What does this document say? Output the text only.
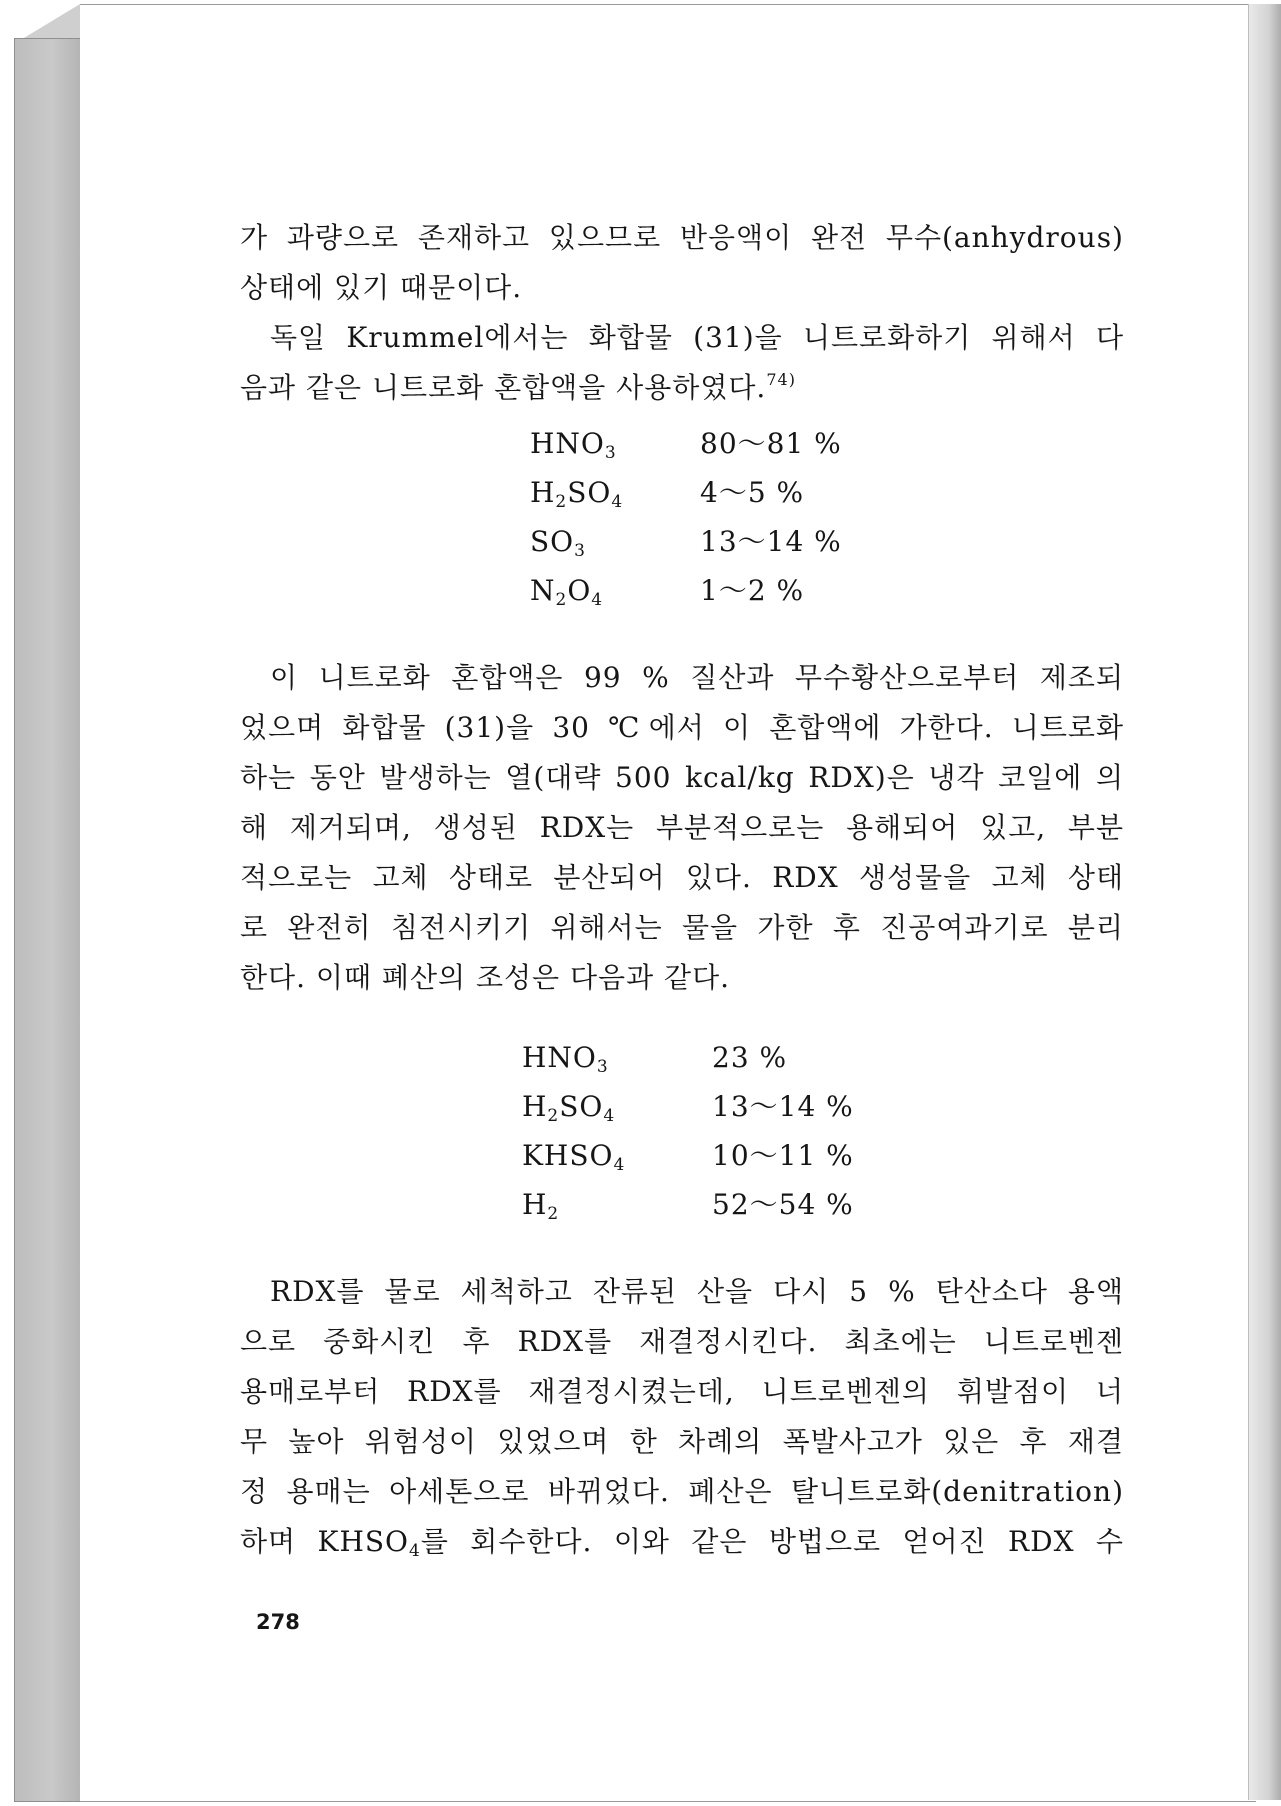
가 과량으로 존재하고 있으므로 반응액이 완전 무수(anhydrous)
상태에 있기 때문이다.
독일 Krummel에서는 화합물 (31)을 니트로화하기 위해서 다
음과 같은 니트로화 혼합액을 사용하였다.$^{74)}$
$HNO_3$	80～81 %
$H_2SO_4$	4～5 %
$SO_3$	13～14 %
$N_2O_4$	1～2 %
이 니트로화 혼합액은 99 % 질산과 무수황산으로부터 제조되
었으며 화합물 (31)을 30 ℃에서 이 혼합액에 가한다. 니트로화
하는 동안 발생하는 열(대략 500 kcal/kg RDX)은 냉각 코일에 의
해 제거되며, 생성된 RDX는 부분적으로는 용해되어 있고, 부분
적으로는 고체 상태로 분산되어 있다. RDX 생성물을 고체 상태
로 완전히 침전시키기 위해서는 물을 가한 후 진공여과기로 분리
한다. 이때 폐산의 조성은 다음과 같다.
$HNO_3$	23 %
$H_2SO_4$	13～14 %
$KHSO_4$	10～11 %
$H_2$	52～54 %
RDX를 물로 세척하고 잔류된 산을 다시 5 % 탄산소다 용액
으로 중화시킨 후 RDX를 재결정시킨다. 최초에는 니트로벤젠
용매로부터 RDX를 재결정시켰는데, 니트로벤젠의 휘발점이 너
무 높아 위험성이 있었으며 한 차례의 폭발사고가 있은 후 재결
정 용매는 아세톤으로 바뀌었다. 폐산은 탈니트로화(denitration)
하며 $KHSO_4$를 회수한다. 이와 같은 방법으로 얻어진 RDX 수
278
